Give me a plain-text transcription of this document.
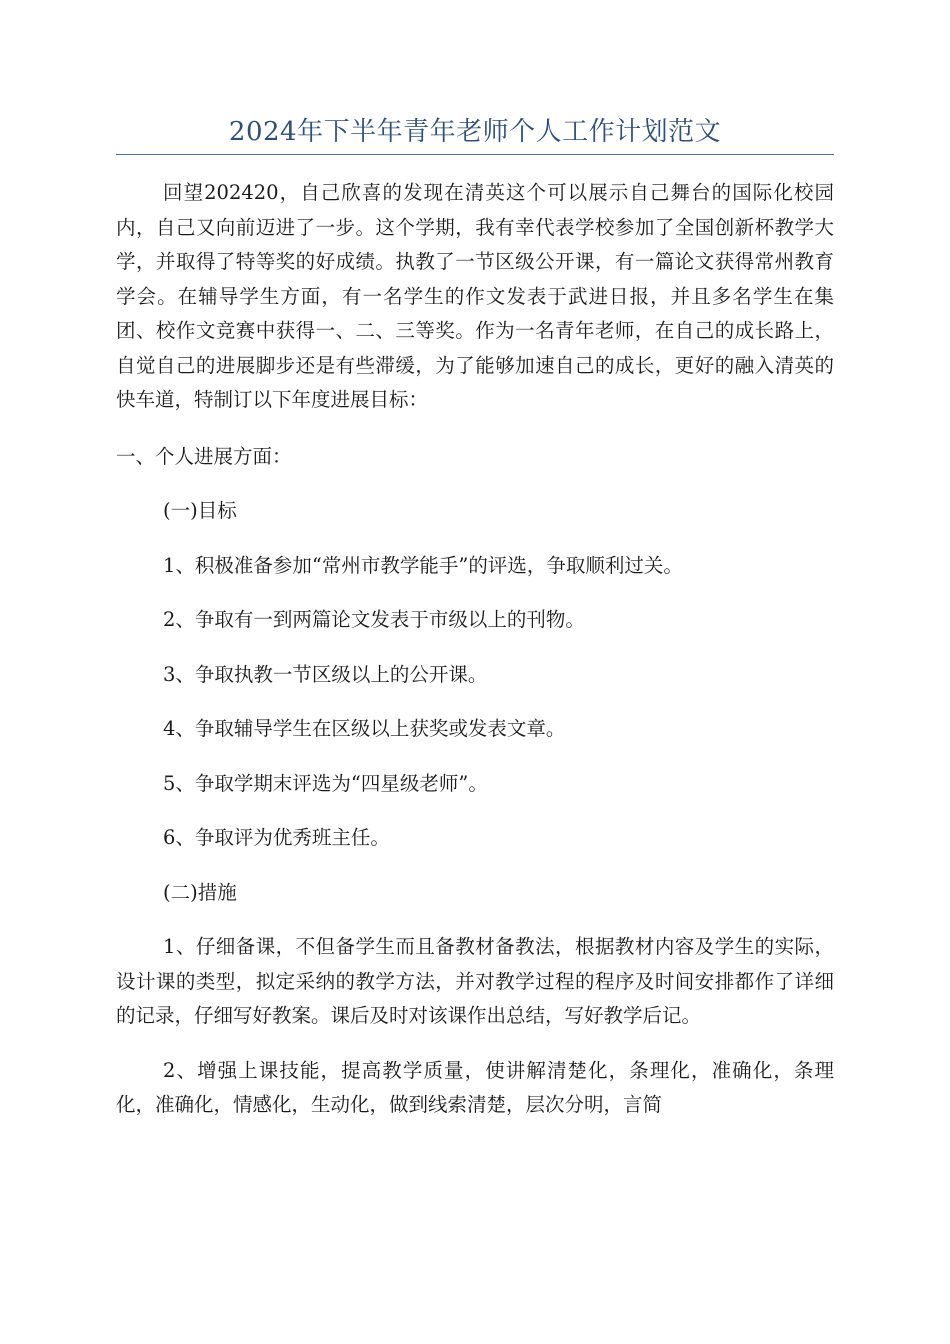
2024年下半年青年老师个人工作计划范文

回望202420，自己欣喜的发现在清英这个可以展示自己舞台的国际化校园内，自己又向前迈进了一步。这个学期，我有幸代表学校参加了全国创新杯教学大学，并取得了特等奖的好成绩。执教了一节区级公开课，有一篇论文获得常州教育学会。在辅导学生方面，有一名学生的作文发表于武进日报，并且多名学生在集团、校作文竞赛中获得一、二、三等奖。作为一名青年老师，在自己的成长路上，自觉自己的进展脚步还是有些滞缓，为了能够加速自己的成长，更好的融入清英的快车道，特制订以下年度进展目标：

一、个人进展方面：

(一)目标

1、积极准备参加“常州市教学能手”的评选，争取顺利过关。

2、争取有一到两篇论文发表于市级以上的刊物。

3、争取执教一节区级以上的公开课。

4、争取辅导学生在区级以上获奖或发表文章。

5、争取学期末评选为“四星级老师”。

6、争取评为优秀班主任。

(二)措施

1、仔细备课，不但备学生而且备教材备教法，根据教材内容及学生的实际，设计课的类型，拟定采纳的教学方法，并对教学过程的程序及时间安排都作了详细的记录，仔细写好教案。课后及时对该课作出总结，写好教学后记。

2、增强上课技能，提高教学质量，使讲解清楚化，条理化，准确化，条理化，准确化，情感化，生动化，做到线索清楚，层次分明，言简
